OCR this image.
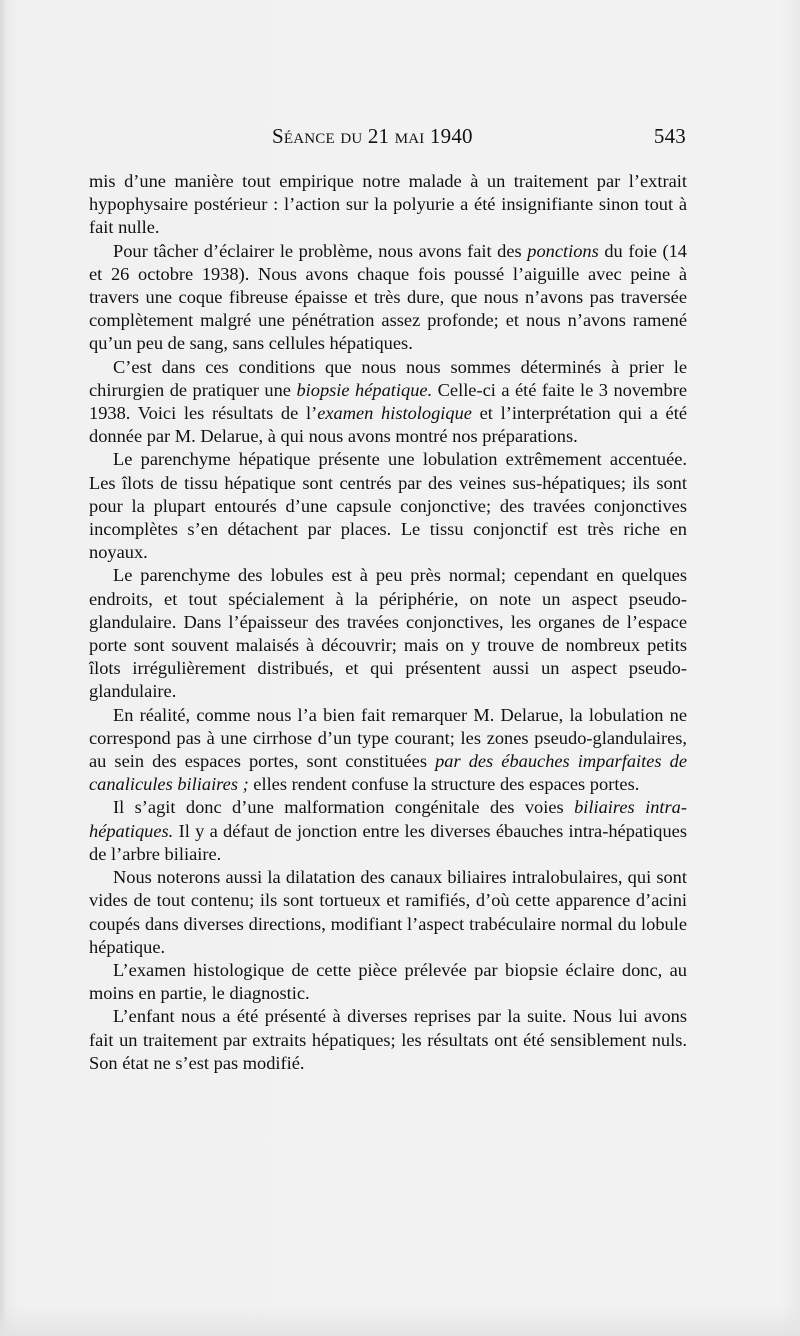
Séance du 21 mai 1940	543

mis d’une manière tout empirique notre malade à un traitement par l’extrait hypophysaire postérieur : l’action sur la polyurie a été insignifiante sinon tout à fait nulle.

Pour tâcher d’éclairer le problème, nous avons fait des ponctions du foie (14 et 26 octobre 1938). Nous avons chaque fois poussé l’aiguille avec peine à travers une coque fibreuse épaisse et très dure, que nous n’avons pas traversée complètement malgré une pénétration assez profonde; et nous n’avons ramené qu’un peu de sang, sans cellules hépatiques.

C’est dans ces conditions que nous nous sommes déterminés à prier le chirurgien de pratiquer une biopsie hépatique. Celle-ci a été faite le 3 novembre 1938. Voici les résultats de l’examen histologique et l’interprétation qui a été donnée par M. Delarue, à qui nous avons montré nos préparations.

Le parenchyme hépatique présente une lobulation extrêmement accentuée. Les îlots de tissu hépatique sont centrés par des veines sus-hépatiques; ils sont pour la plupart entourés d’une capsule conjonctive; des travées conjonctives incomplètes s’en détachent par places. Le tissu conjonctif est très riche en noyaux.

Le parenchyme des lobules est à peu près normal; cependant en quelques endroits, et tout spécialement à la périphérie, on note un aspect pseudo-glandulaire. Dans l’épaisseur des travées conjonctives, les organes de l’espace porte sont souvent malaisés à découvrir; mais on y trouve de nombreux petits îlots irrégulièrement distribués, et qui présentent aussi un aspect pseudo-glandulaire.

En réalité, comme nous l’a bien fait remarquer M. Delarue, la lobulation ne correspond pas à une cirrhose d’un type courant; les zones pseudo-glandulaires, au sein des espaces portes, sont constituées par des ébauches imparfaites de canalicules biliaires ; elles rendent confuse la structure des espaces portes.

Il s’agit donc d’une malformation congénitale des voies biliaires intra-hépatiques. Il y a défaut de jonction entre les diverses ébauches intra-hépatiques de l’arbre biliaire.

Nous noterons aussi la dilatation des canaux biliaires intralobulaires, qui sont vides de tout contenu; ils sont tortueux et ramifiés, d’où cette apparence d’acini coupés dans diverses directions, modifiant l’aspect trabéculaire normal du lobule hépatique.

L’examen histologique de cette pièce prélevée par biopsie éclaire donc, au moins en partie, le diagnostic.

L’enfant nous a été présenté à diverses reprises par la suite. Nous lui avons fait un traitement par extraits hépatiques; les résultats ont été sensiblement nuls. Son état ne s’est pas modifié.
